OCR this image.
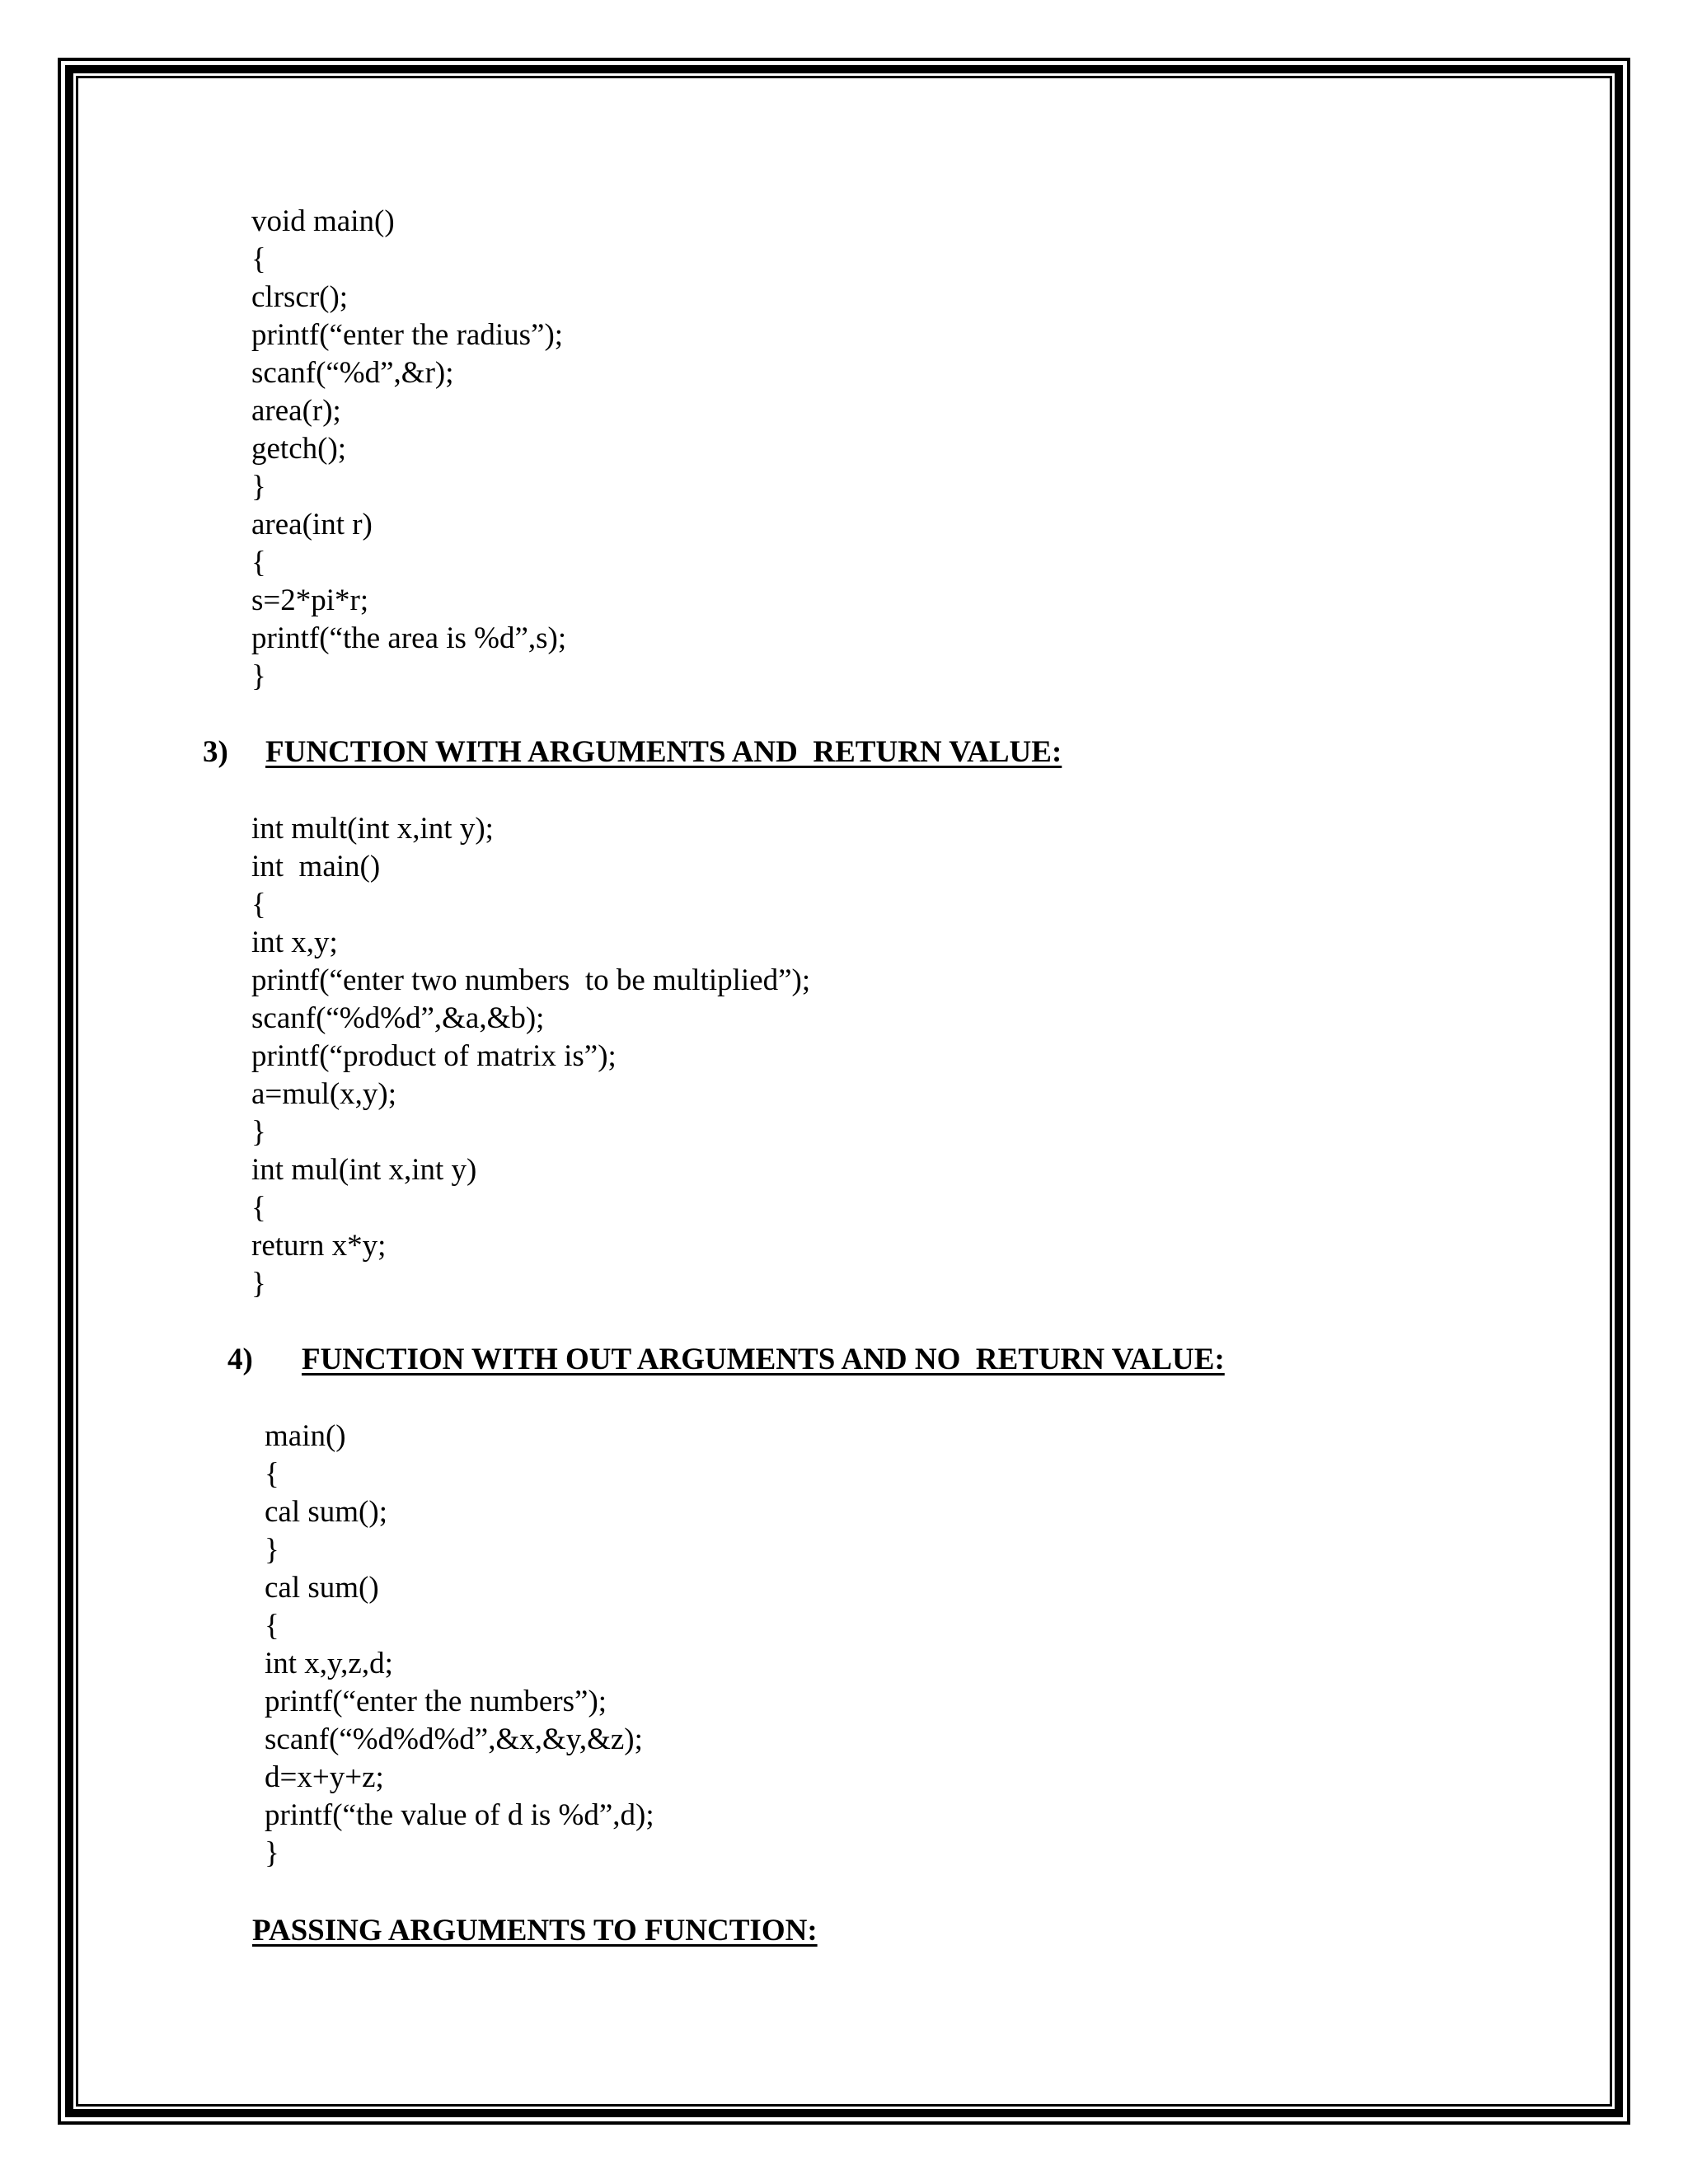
void main()
{
clrscr();
printf(“enter the radius”);
scanf(“%d”,&r);
area(r);
getch();
}
area(int r)
{
s=2*pi*r;
printf(“the area is %d”,s);
}

3)

FUNCTION WITH ARGUMENTS AND  RETURN VALUE:

int mult(int x,int y);
int  main()
{
int x,y;
printf(“enter two numbers  to be multiplied”);
scanf(“%d%d”,&a,&b);
printf(“product of matrix is”);
a=mul(x,y);
}
int mul(int x,int y)
{
return x*y;
}

4)

FUNCTION WITH OUT ARGUMENTS AND NO  RETURN VALUE:

main()
{
cal sum();
}
cal sum()
{
int x,y,z,d;
printf(“enter the numbers”);
scanf(“%d%d%d”,&x,&y,&z);
d=x+y+z;
printf(“the value of d is %d”,d);
}

PASSING ARGUMENTS TO FUNCTION:
